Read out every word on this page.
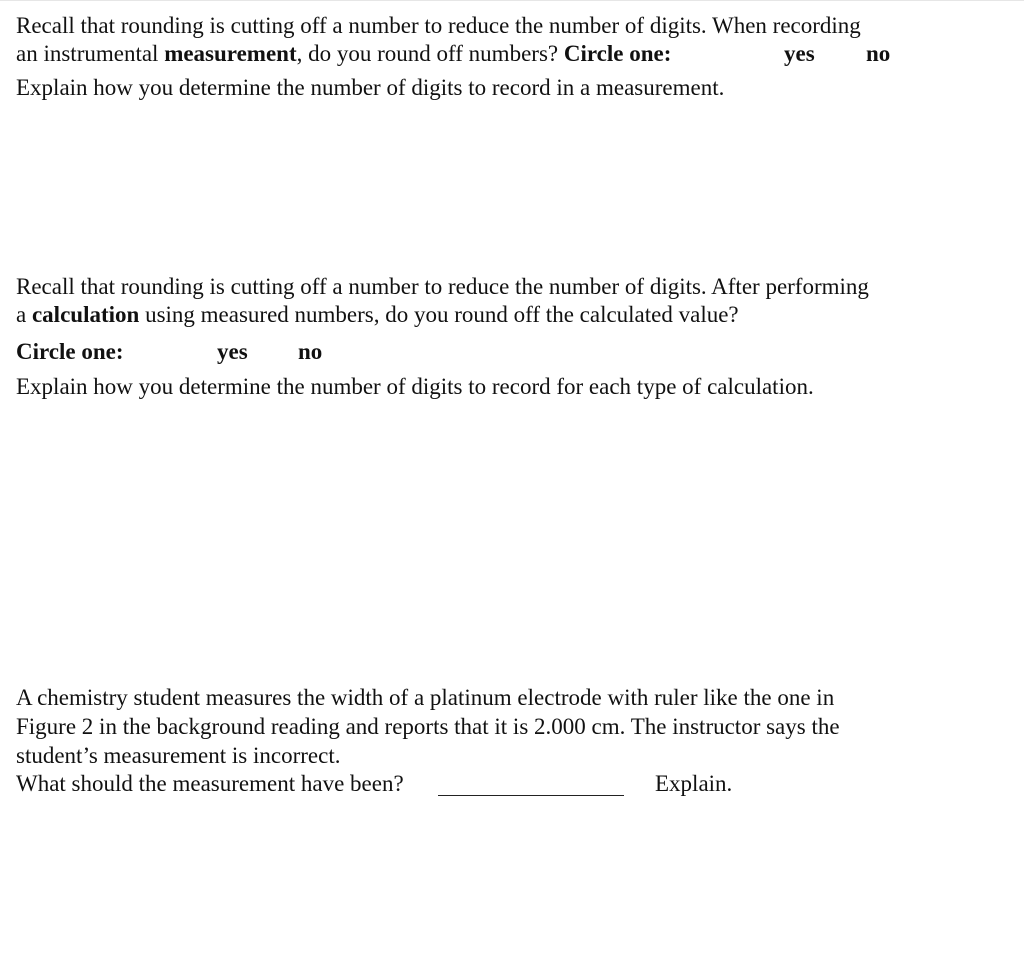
Recall that rounding is cutting off a number to reduce the number of digits. When recording
an instrumental measurement, do you round off numbers? Circle one:	yes no
Explain how you determine the number of digits to record in a measurement.
Recall that rounding is cutting off a number to reduce the number of digits. After performing
a calculation using measured numbers, do you round off the calculated value?
Circle one:	yes no
Explain how you determine the number of digits to record for each type of calculation.
A chemistry student measures the width of a platinum electrode with ruler like the one in
Figure 2 in the background reading and reports that it is 2.000 cm. The instructor says the
student’s measurement is incorrect.
What should the measurement have been?	Explain.
